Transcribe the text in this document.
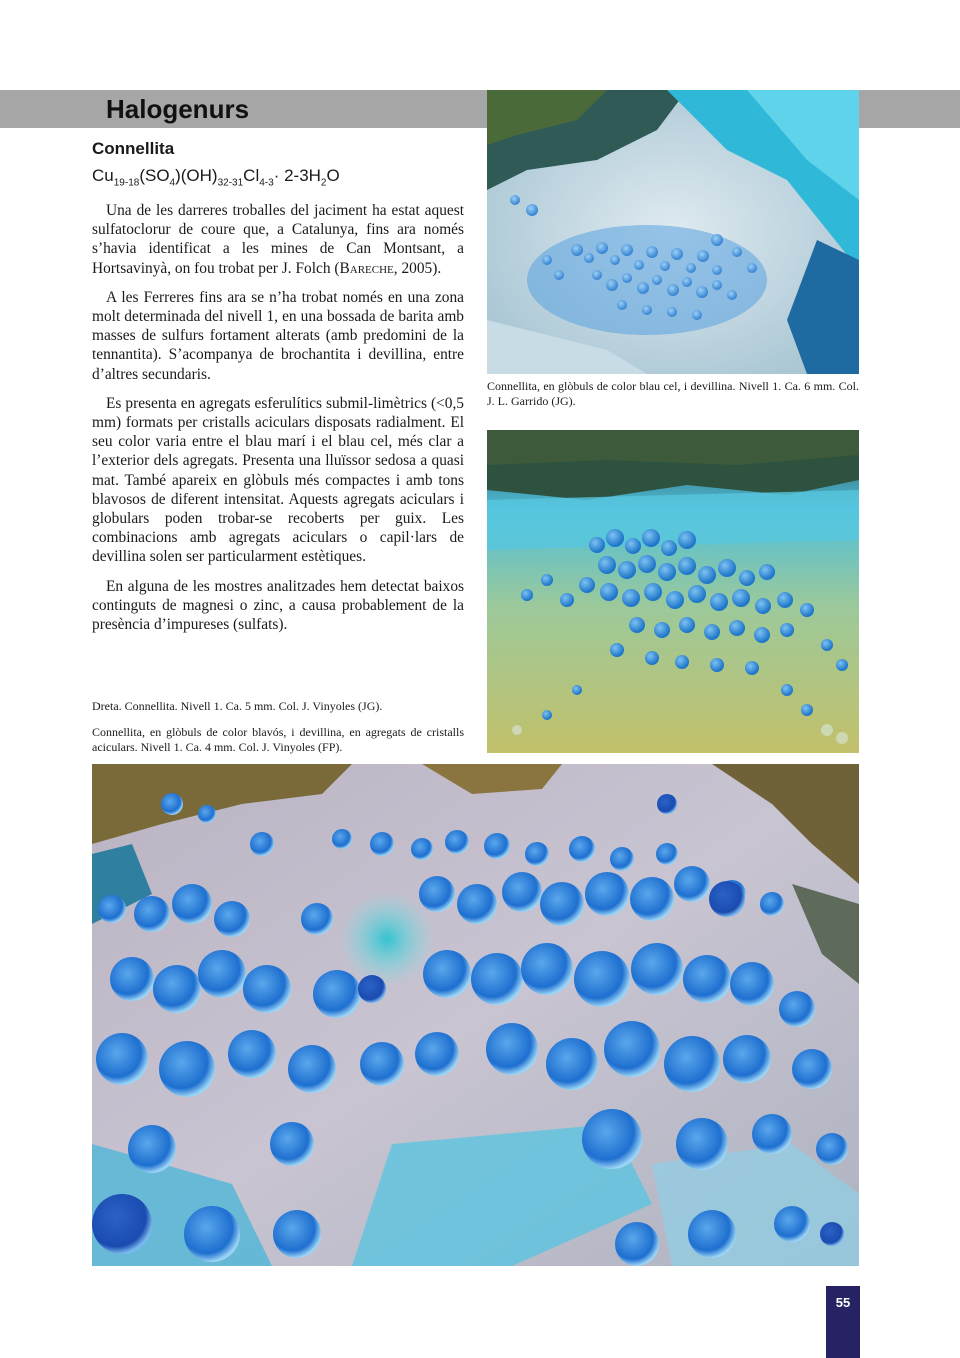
Halogenurs
Connellita
$Cu_{19-18}(SO_4)(OH)_{32-31}Cl_{4-3}\cdot 2-3H_2O$

Una de les darreres troballes del jaciment ha estat aquest sulfatoclorur de coure que, a Catalunya, fins ara només s’havia identificat a les mines de Can Montsant, a Hortsavinyà, on fou trobat per J. Folch (Bareche, 2005).

A les Ferreres fins ara se n’ha trobat només en una zona molt determinada del nivell 1, en una bossada de barita amb masses de sulfurs fortament alterats (amb predomini de la tennantita). S’acompanya de brochantita i devillina, entre d’altres secundaris.

Es presenta en agregats esferulítics submil-limètrics (<0,5 mm) formats per cristalls aciculars disposats radialment. El seu color varia entre el blau marí i el blau cel, més clar a l’exterior dels agregats. Presenta una lluïssor sedosa a quasi mat. També apareix en glòbuls més compactes i amb tons blavosos de diferent intensitat. Aquests agregats aciculars i globulars poden trobar-se recoberts per guix. Les combinacions amb agregats aciculars o capil·lars de devillina solen ser particularment estètiques.

En alguna de les mostres analitzades hem detectat baixos continguts de magnesi o zinc, a causa probablement de la presència d’impureses (sulfats).

Dreta. Connellita. Nivell 1. Ca. 5 mm. Col. J. Vinyoles (JG).
Connellita, en glòbuls de color blavós, i devillina, en agregats de cristalls aciculars. Nivell 1. Ca. 4 mm. Col. J. Vinyoles (FP).
Connellita, en glòbuls de color blau cel, i devillina. Nivell 1. Ca. 6 mm. Col. J. L. Garrido (JG).
55
